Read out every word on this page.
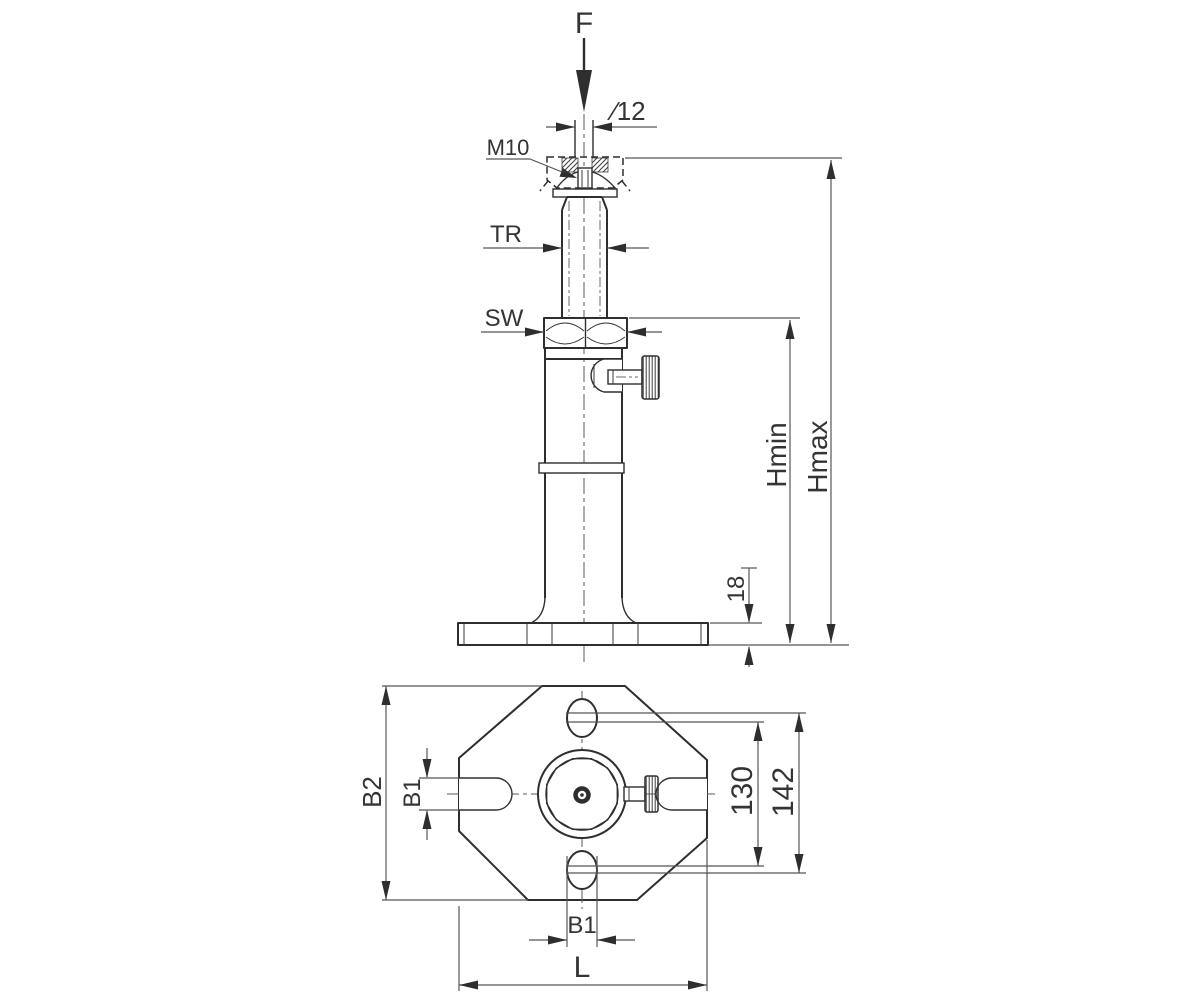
F
∕12
M10
TR
SW
18
Hmin Hmax
B2 B1	130 142
B1
L
